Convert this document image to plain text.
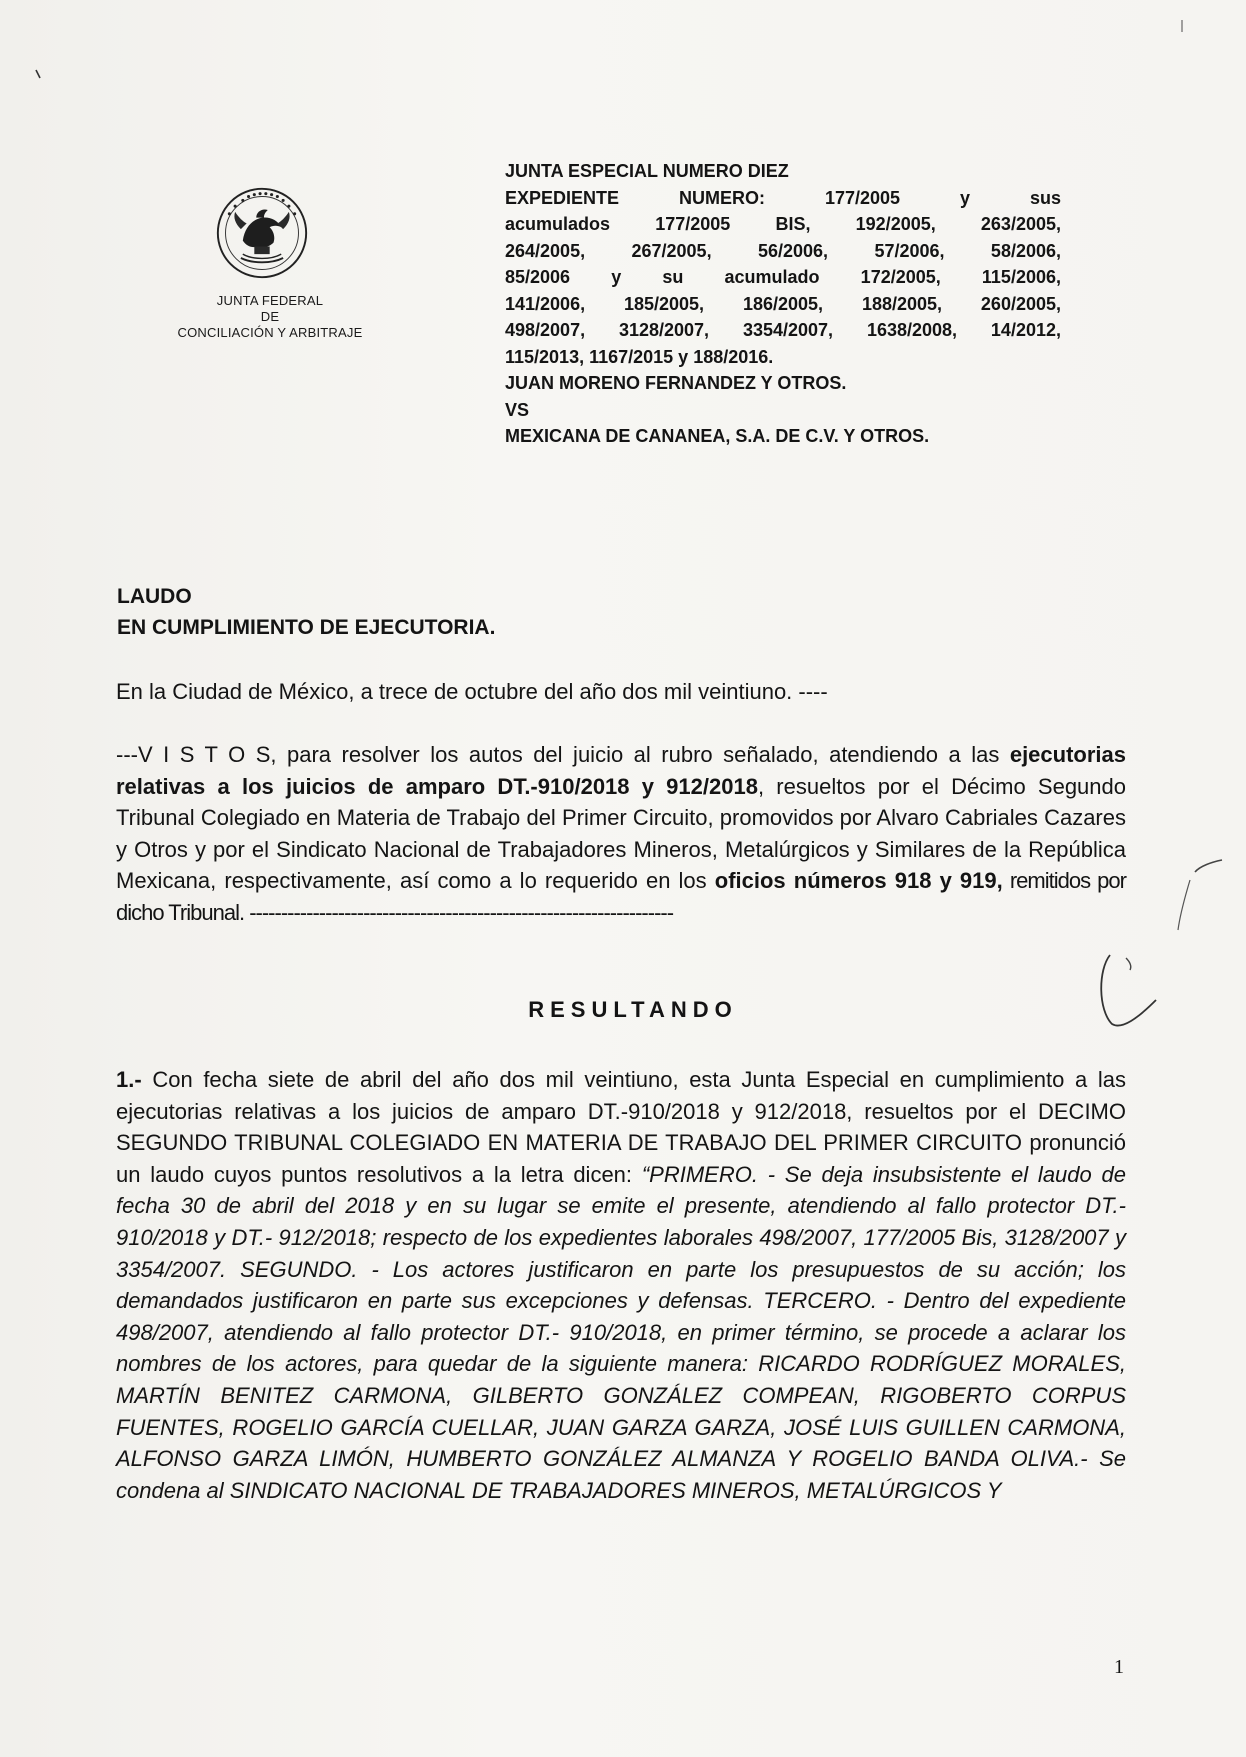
JUNTA FEDERAL
DE
CONCILIACIÓN Y ARBITRAJE
JUNTA ESPECIAL NUMERO DIEZ
EXPEDIENTE NUMERO: 177/2005 y sus
acumulados 177/2005 BIS, 192/2005, 263/2005,
264/2005, 267/2005, 56/2006, 57/2006, 58/2006,
85/2006 y su acumulado 172/2005, 115/2006,
141/2006, 185/2005, 186/2005, 188/2005, 260/2005,
498/2007, 3128/2007, 3354/2007, 1638/2008, 14/2012,
115/2013, 1167/2015 y 188/2016.
JUAN MORENO FERNANDEZ Y OTROS.
VS
MEXICANA DE CANANEA, S.A. DE C.V. Y OTROS.
LAUDO
EN CUMPLIMIENTO DE EJECUTORIA.
En la Ciudad de México, a trece de octubre del año dos mil veintiuno. ----
---V I S T O S, para resolver los autos del juicio al rubro señalado, atendiendo a las ejecutorias relativas a los juicios de amparo DT.-910/2018 y 912/2018, resueltos por el Décimo Segundo Tribunal Colegiado en Materia de Trabajo del Primer Circuito, promovidos por Alvaro Cabriales Cazares y Otros y por el Sindicato Nacional de Trabajadores Mineros, Metalúrgicos y Similares de la República Mexicana, respectivamente, así como a lo requerido en los oficios números 918 y 919, remitidos por dicho Tribunal. -------------------------------------------------------------------
RESULTANDO
1.- Con fecha siete de abril del año dos mil veintiuno, esta Junta Especial en cumplimiento a las ejecutorias relativas a los juicios de amparo DT.-910/2018 y 912/2018, resueltos por el DECIMO SEGUNDO TRIBUNAL COLEGIADO EN MATERIA DE TRABAJO DEL PRIMER CIRCUITO pronunció un laudo cuyos puntos resolutivos a la letra dicen: “PRIMERO. - Se deja insubsistente el laudo de fecha 30 de abril del 2018 y en su lugar se emite el presente, atendiendo al fallo protector DT.- 910/2018 y DT.- 912/2018; respecto de los expedientes laborales 498/2007, 177/2005 Bis, 3128/2007 y 3354/2007. SEGUNDO. - Los actores justificaron en parte los presupuestos de su acción; los demandados justificaron en parte sus excepciones y defensas. TERCERO. - Dentro del expediente 498/2007, atendiendo al fallo protector DT.- 910/2018, en primer término, se procede a aclarar los nombres de los actores, para quedar de la siguiente manera: RICARDO RODRÍGUEZ MORALES, MARTÍN BENITEZ CARMONA, GILBERTO GONZÁLEZ COMPEAN, RIGOBERTO CORPUS FUENTES, ROGELIO GARCÍA CUELLAR, JUAN GARZA GARZA, JOSÉ LUIS GUILLEN CARMONA, ALFONSO GARZA LIMÓN, HUMBERTO GONZÁLEZ ALMANZA Y ROGELIO BANDA OLIVA.- Se condena al SINDICATO NACIONAL DE TRABAJADORES MINEROS, METALÚRGICOS Y
1
